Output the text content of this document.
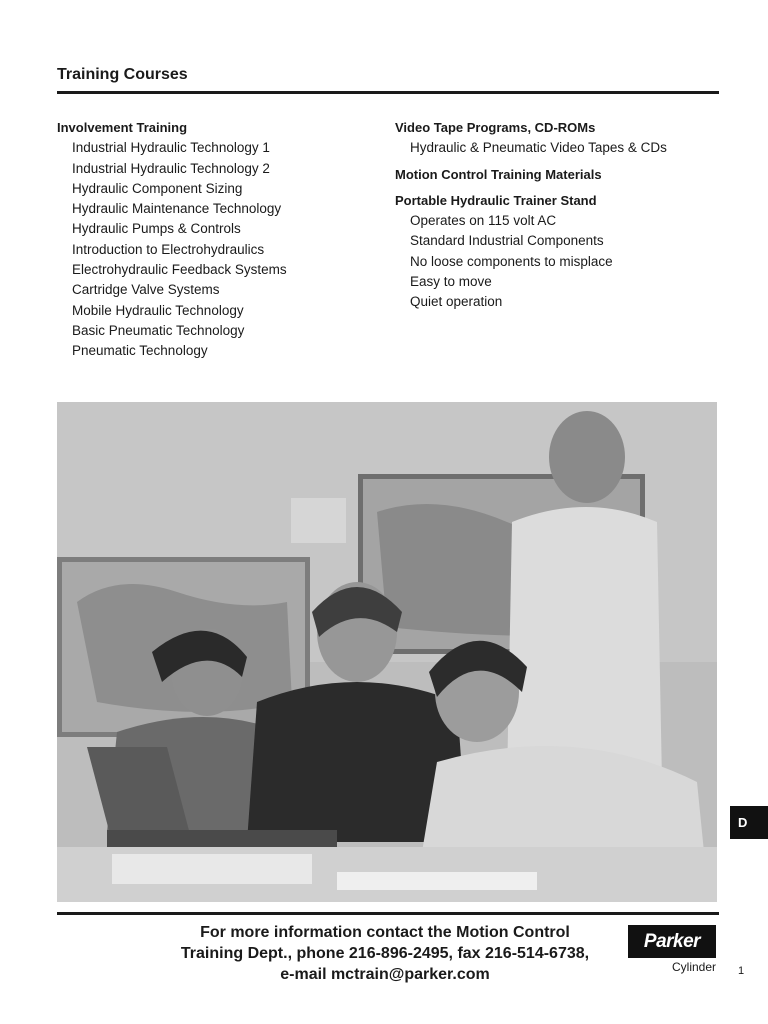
Training Courses
Involvement Training
Industrial Hydraulic Technology 1
Industrial Hydraulic Technology 2
Hydraulic Component Sizing
Hydraulic Maintenance Technology
Hydraulic Pumps & Controls
Introduction to Electrohydraulics
Electrohydraulic Feedback Systems
Cartridge Valve Systems
Mobile Hydraulic Technology
Basic Pneumatic Technology
Pneumatic Technology
Video Tape Programs, CD-ROMs
Hydraulic & Pneumatic Video Tapes & CDs
Motion Control Training Materials
Portable Hydraulic Trainer Stand
Operates on 115 volt AC
Standard Industrial Components
No loose components to misplace
Easy to move
Quiet operation
For more information contact the Motion Control
Training Dept., phone 216-896-2495, fax 216-514-6738,
e-mail mctrain@parker.com
Parker
Cylinder
D
1
